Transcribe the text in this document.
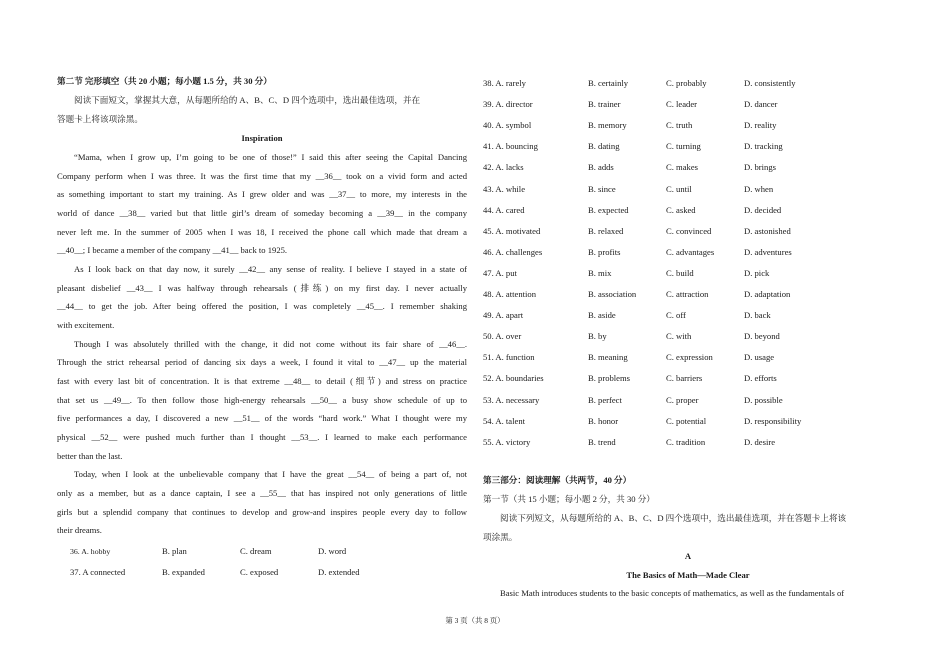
第二节 完形填空（共 20 小题；每小题 1.5 分，共 30 分）
阅读下面短文，掌握其大意，从每题所给的 A、B、C、D 四个选项中，选出最佳选项，并在
答题卡上将该项涂黑。
Inspiration
“Mama, when I grow up, I’m going to be one of those!” I said this after seeing the Capital Dancing
Company perform when I was three. It was the first time that my __36__ took on a vivid form and acted
as something important to start my training. As I grew older and was __37__ to more, my interests in the
world of dance __38__ varied but that little girl’s dream of someday becoming a __39__ in the company
never left me. In the summer of 2005 when I was 18, I received the phone call which made that dream a
__40__; I became a member of the company __41__ back to 1925.
As I look back on that day now, it surely __42__ any sense of reality. I believe I stayed in a state of
pleasant disbelief __43__ I was halfway through rehearsals (排练) on my first day. I never actually
__44__ to get the job. After being offered the position, I was completely __45__. I remember shaking
with excitement.
Though I was absolutely thrilled with the change, it did not come without its fair share of __46__.
Through the strict rehearsal period of dancing six days a week, I found it vital to __47__ up the material
fast with every last bit of concentration. It is that extreme __48__ to detail (细节) and stress on practice
that set us __49__. To then follow those high-energy rehearsals __50__ a busy show schedule of up to
five performances a day, I discovered a new __51__ of the words “hard work.” What I thought were my
physical __52__ were pushed much further than I thought __53__. I learned to make each performance
better than the last.
Today, when I look at the unbelievable company that I have the great __54__ of being a part of, not
only as a member, but as a dance captain, I see a __55__ that has inspired not only generations of little
girls but a splendid company that continues to develop and grow-and inspires people every day to follow
their dreams.
36. A. hobby	B. plan	C. dream	D. word
37. A connected	B. expanded	C. exposed	D. extended
38. A. rarely	B. certainly	C. probably	D. consistently
39. A. director	B. trainer	C. leader	D. dancer
40. A. symbol	B. memory	C. truth	D. reality
41. A. bouncing	B. dating	C. turning	D. tracking
42. A. lacks	B. adds	C. makes	D. brings
43. A. while	B. since	C. until	D. when
44. A. cared	B. expected	C. asked	D. decided
45. A. motivated	B. relaxed	C. convinced	D. astonished
46. A. challenges	B. profits	C. advantages	D. adventures
47. A. put	B. mix	C. build	D. pick
48. A. attention	B. association	C. attraction	D. adaptation
49. A. apart	B. aside	C. off	D. back
50. A. over	B. by	C. with	D. beyond
51. A. function	B. meaning	C. expression	D. usage
52. A. boundaries	B. problems	C. barriers	D. efforts
53. A. necessary	B. perfect	C. proper	D. possible
54. A. talent	B. honor	C. potential	D. responsibility
55. A. victory	B. trend	C. tradition	D. desire
第三部分：阅读理解（共两节，40 分）
第一节（共 15 小题；每小题 2 分，共 30 分）
阅读下列短文，从每题所给的 A、B、C、D 四个选项中，选出最佳选项，并在答题卡上将该
项涂黑。
A
The Basics of Math—Made Clear
Basic Math introduces students to the basic concepts of mathematics, as well as the fundamentals of
第 3 页（共 8 页）
